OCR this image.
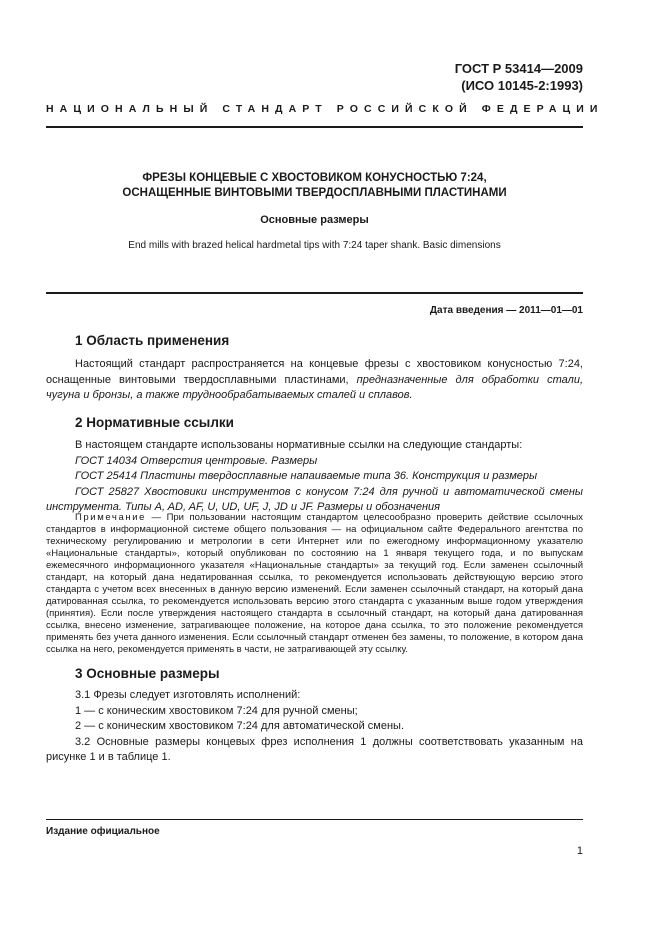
ГОСТ Р 53414—2009
(ИСО 10145-2:1993)
НАЦИОНАЛЬНЫЙ СТАНДАРТ РОССИЙСКОЙ ФЕДЕРАЦИИ
ФРЕЗЫ КОНЦЕВЫЕ С ХВОСТОВИКОМ КОНУСНОСТЬЮ 7:24,
ОСНАЩЕННЫЕ ВИНТОВЫМИ ТВЕРДОСПЛАВНЫМИ ПЛАСТИНАМИ
Основные размеры
End mills with brazed helical hardmetal tips with 7:24 taper shank. Basic dimensions
Дата введения — 2011—01—01
1 Область применения

Настоящий стандарт распространяется на концевые фрезы с хвостовиком конусностью 7:24, оснащенные винтовыми твердосплавными пластинами, предназначенные для обработки стали, чугуна и бронзы, а также труднообрабатываемых сталей и сплавов.

2 Нормативные ссылки

В настоящем стандарте использованы нормативные ссылки на следующие стандарты:

ГОСТ 14034 Отверстия центровые. Размеры

ГОСТ 25414 Пластины твердосплавные напаиваемые типа 36. Конструкция и размеры

ГОСТ 25827 Хвостовики инструментов с конусом 7:24 для ручной и автоматической смены инструмента. Типы A, AD, AF, U, UD, UF, J, JD и JF. Размеры и обозначения

Примечание — При пользовании настоящим стандартом целесообразно проверить действие ссылочных стандартов в информационной системе общего пользования — на официальном сайте Федерального агентства по техническому регулированию и метрологии в сети Интернет или по ежегодному информационному указателю «Национальные стандарты», который опубликован по состоянию на 1 января текущего года, и по выпускам ежемесячного информационного указателя «Национальные стандарты» за текущий год. Если заменен ссылочный стандарт, на который дана недатированная ссылка, то рекомендуется использовать действующую версию этого стандарта с учетом всех внесенных в данную версию изменений. Если заменен ссылочный стандарт, на который дана датированная ссылка, то рекомендуется использовать версию этого стандарта с указанным выше годом утверждения (принятия). Если после утверждения настоящего стандарта в ссылочный стандарт, на который дана датированная ссылка, внесено изменение, затрагивающее положение, на которое дана ссылка, то это положение рекомендуется применять без учета данного изменения. Если ссылочный стандарт отменен без замены, то положение, в котором дана ссылка на него, рекомендуется применять в части, не затрагивающей эту ссылку.

3 Основные размеры

3.1 Фрезы следует изготовлять исполнений:

1 — с коническим хвостовиком 7:24 для ручной смены;

2 — с коническим хвостовиком 7:24 для автоматической смены.

3.2 Основные размеры концевых фрез исполнения 1 должны соответствовать указанным на рисунке 1 и в таблице 1.

Издание официальное
1
